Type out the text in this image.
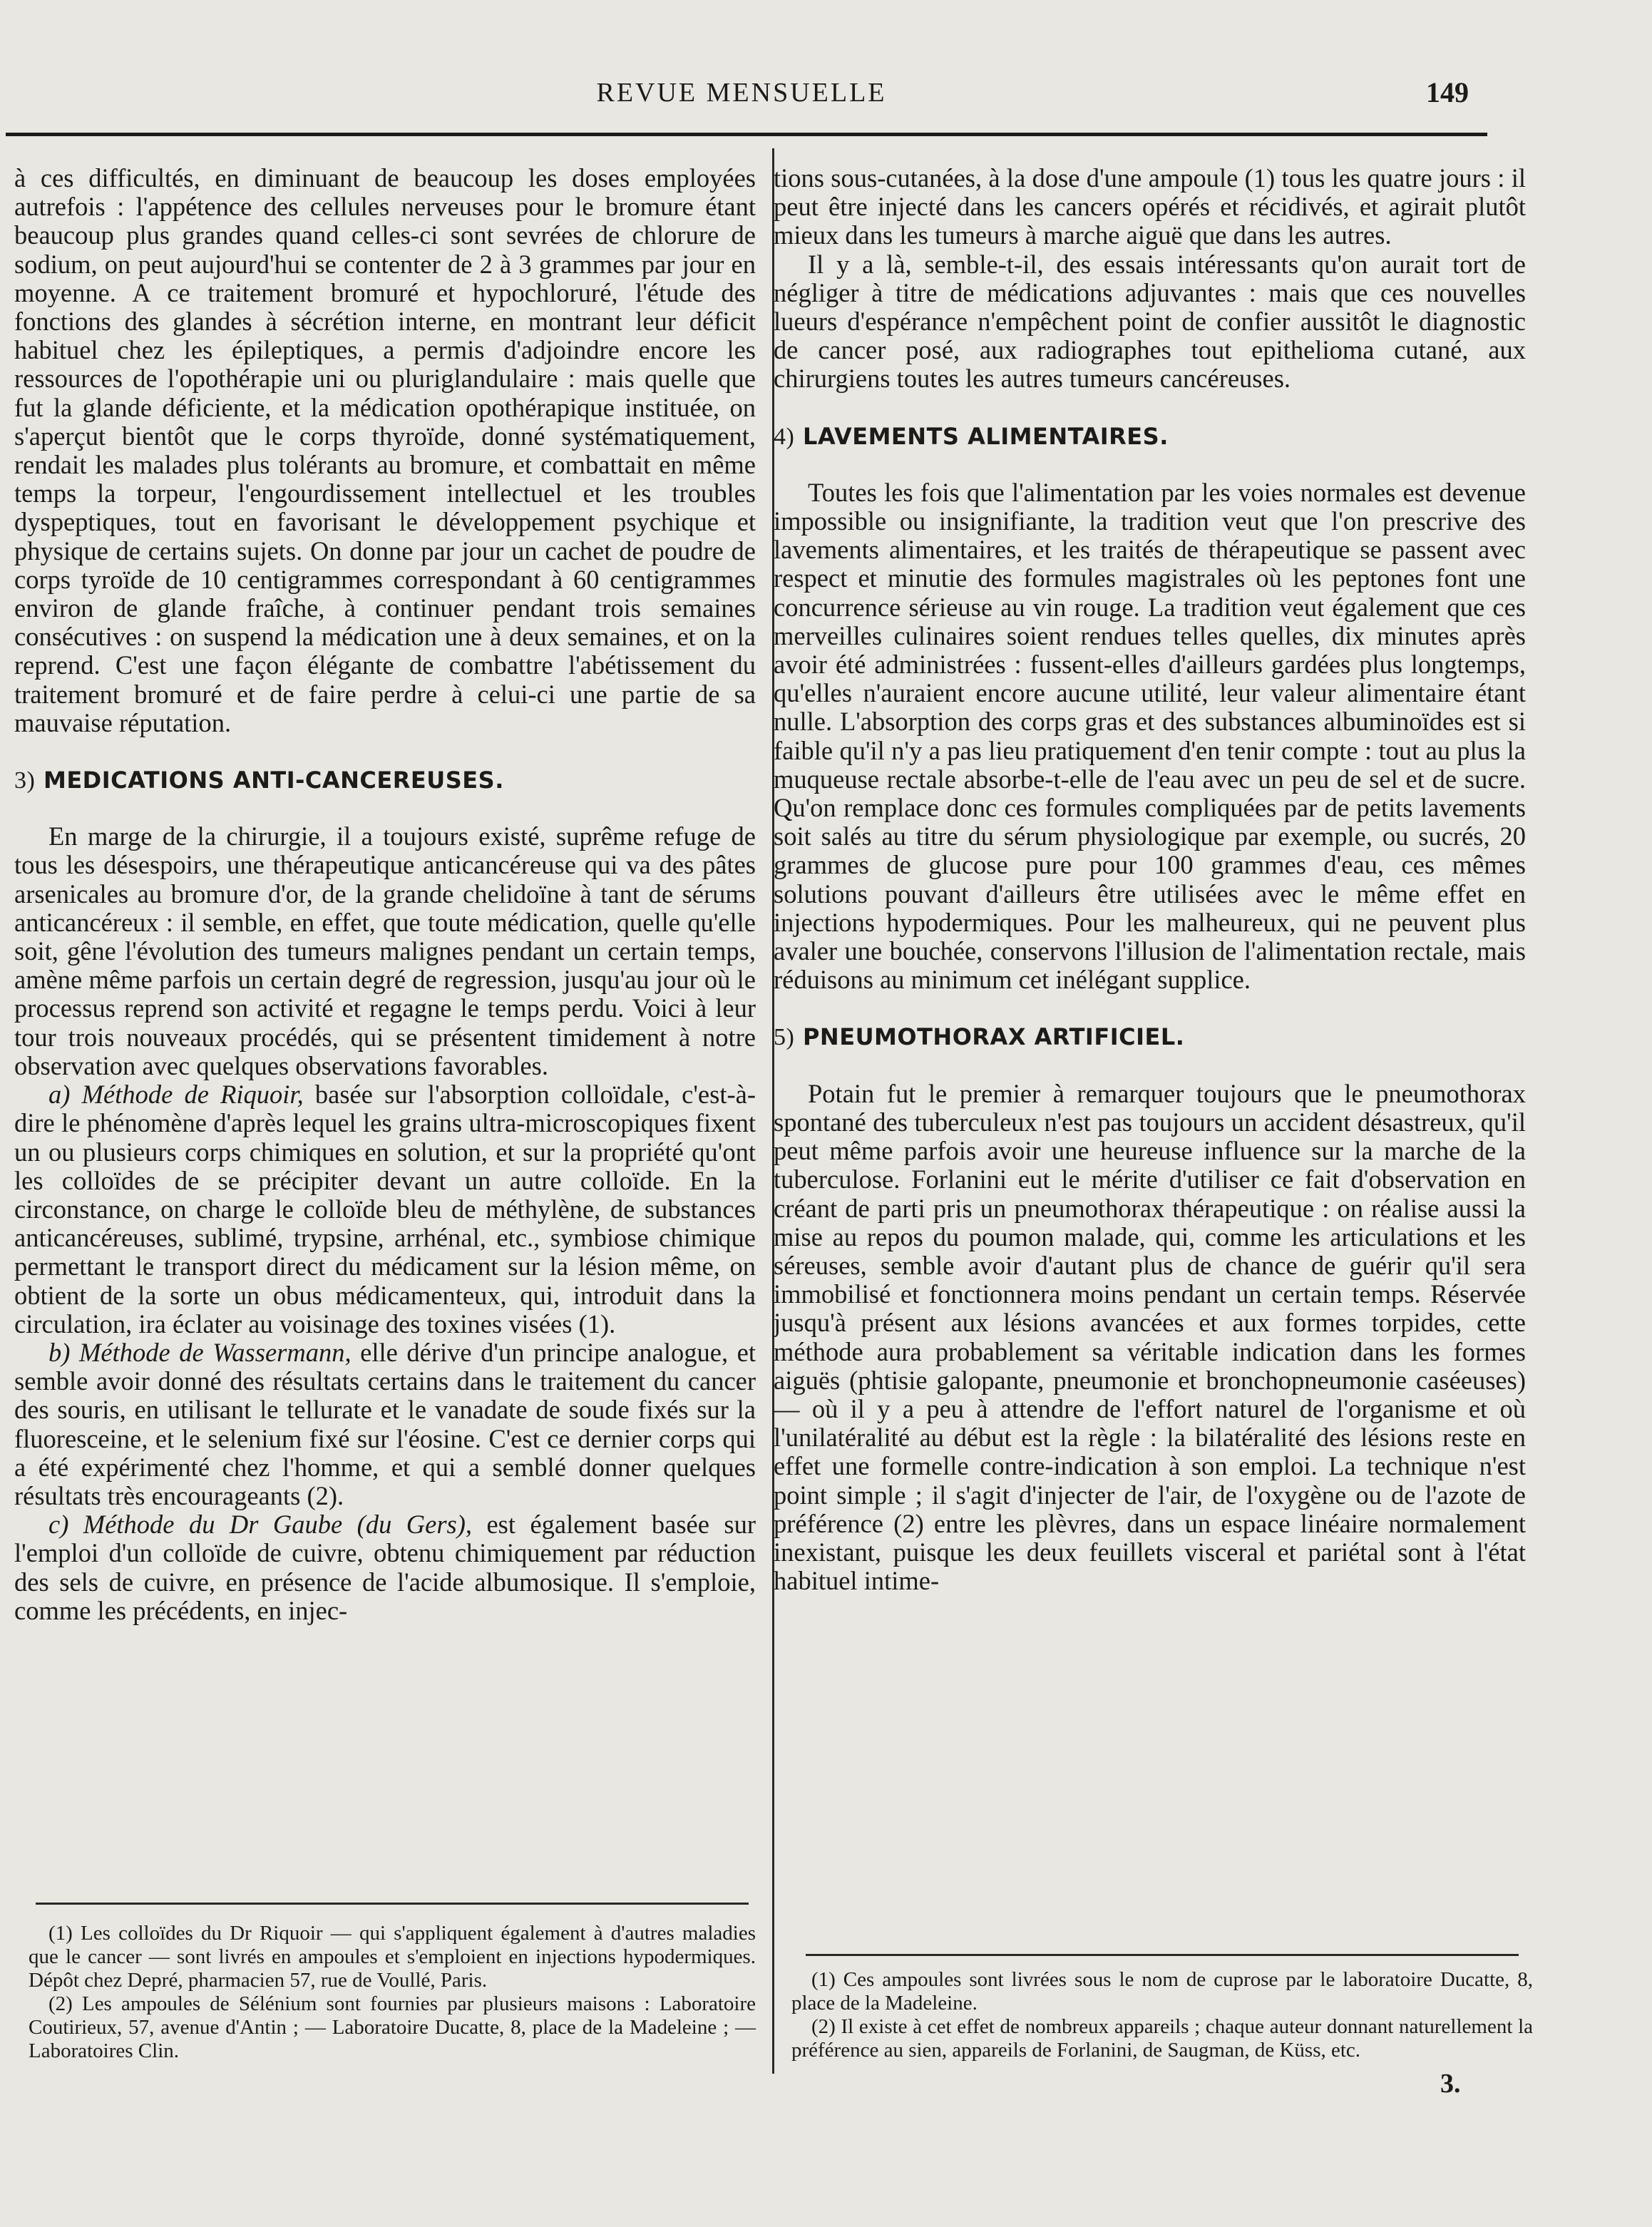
REVUE MENSUELLE	149

à ces difficultés, en diminuant de beaucoup les doses employées autrefois : l'appétence des cellules nerveuses pour le bromure étant beaucoup plus grandes quand celles-ci sont sevrées de chlorure de sodium, on peut aujourd'hui se contenter de 2 à 3 grammes par jour en moyenne. A ce traitement bromuré et hypochloruré, l'étude des fonctions des glandes à sécrétion interne, en montrant leur déficit habituel chez les épileptiques, a permis d'adjoindre encore les ressources de l'opothérapie uni ou pluriglandulaire : mais quelle que fut la glande déficiente, et la médication opothérapique instituée, on s'aperçut bientôt que le corps thyroïde, donné systématiquement, rendait les malades plus tolérants au bromure, et combattait en même temps la torpeur, l'engourdissement intellectuel et les troubles dyspeptiques, tout en favorisant le développement psychique et physique de certains sujets. On donne par jour un cachet de poudre de corps tyroïde de 10 centigrammes correspondant à 60 centigrammes environ de glande fraîche, à continuer pendant trois semaines consécutives : on suspend la médication une à deux semaines, et on la reprend. C'est une façon élégante de combattre l'abétissement du traitement bromuré et de faire perdre à celui-ci une partie de sa mauvaise réputation.

3) MEDICATIONS ANTI-CANCEREUSES.

En marge de la chirurgie, il a toujours existé, suprême refuge de tous les désespoirs, une thérapeutique anticancéreuse qui va des pâtes arsenicales au bromure d'or, de la grande chelidoïne à tant de sérums anticancéreux : il semble, en effet, que toute médication, quelle qu'elle soit, gêne l'évolution des tumeurs malignes pendant un certain temps, amène même parfois un certain degré de regression, jusqu'au jour où le processus reprend son activité et regagne le temps perdu. Voici à leur tour trois nouveaux procédés, qui se présentent timidement à notre observation avec quelques observations favorables.

a) Méthode de Riquoir, basée sur l'absorption colloïdale, c'est-à-dire le phénomène d'après lequel les grains ultra-microscopiques fixent un ou plusieurs corps chimiques en solution, et sur la propriété qu'ont les colloïdes de se précipiter devant un autre colloïde. En la circonstance, on charge le colloïde bleu de méthylène, de substances anticancéreuses, sublimé, trypsine, arrhénal, etc., symbiose chimique permettant le transport direct du médicament sur la lésion même, on obtient de la sorte un obus médicamenteux, qui, introduit dans la circulation, ira éclater au voisinage des toxines visées (1).

b) Méthode de Wassermann, elle dérive d'un principe analogue, et semble avoir donné des résultats certains dans le traitement du cancer des souris, en utilisant le tellurate et le vanadate de soude fixés sur la fluoresceine, et le selenium fixé sur l'éosine. C'est ce dernier corps qui a été expérimenté chez l'homme, et qui a semblé donner quelques résultats très encourageants (2).

c) Méthode du Dr Gaube (du Gers), est également basée sur l'emploi d'un colloïde de cuivre, obtenu chimiquement par réduction des sels de cuivre, en présence de l'acide albumosique. Il s'emploie, comme les précédents, en injec-

tions sous-cutanées, à la dose d'une ampoule (1) tous les quatre jours : il peut être injecté dans les cancers opérés et récidivés, et agirait plutôt mieux dans les tumeurs à marche aiguë que dans les autres.

Il y a là, semble-t-il, des essais intéressants qu'on aurait tort de négliger à titre de médications adjuvantes : mais que ces nouvelles lueurs d'espérance n'empêchent point de confier aussitôt le diagnostic de cancer posé, aux radiographes tout epithelioma cutané, aux chirurgiens toutes les autres tumeurs cancéreuses.

4) LAVEMENTS ALIMENTAIRES.

Toutes les fois que l'alimentation par les voies normales est devenue impossible ou insignifiante, la tradition veut que l'on prescrive des lavements alimentaires, et les traités de thérapeutique se passent avec respect et minutie des formules magistrales où les peptones font une concurrence sérieuse au vin rouge. La tradition veut également que ces merveilles culinaires soient rendues telles quelles, dix minutes après avoir été administrées : fussent-elles d'ailleurs gardées plus longtemps, qu'elles n'auraient encore aucune utilité, leur valeur alimentaire étant nulle. L'absorption des corps gras et des substances albuminoïdes est si faible qu'il n'y a pas lieu pratiquement d'en tenir compte : tout au plus la muqueuse rectale absorbe-t-elle de l'eau avec un peu de sel et de sucre. Qu'on remplace donc ces formules compliquées par de petits lavements soit salés au titre du sérum physiologique par exemple, ou sucrés, 20 grammes de glucose pure pour 100 grammes d'eau, ces mêmes solutions pouvant d'ailleurs être utilisées avec le même effet en injections hypodermiques. Pour les malheureux, qui ne peuvent plus avaler une bouchée, conservons l'illusion de l'alimentation rectale, mais réduisons au minimum cet inélégant supplice.

5) PNEUMOTHORAX ARTIFICIEL.

Potain fut le premier à remarquer toujours que le pneumothorax spontané des tuberculeux n'est pas toujours un accident désastreux, qu'il peut même parfois avoir une heureuse influence sur la marche de la tuberculose. Forlanini eut le mérite d'utiliser ce fait d'observation en créant de parti pris un pneumothorax thérapeutique : on réalise aussi la mise au repos du poumon malade, qui, comme les articulations et les séreuses, semble avoir d'autant plus de chance de guérir qu'il sera immobilisé et fonctionnera moins pendant un certain temps. Réservée jusqu'à présent aux lésions avancées et aux formes torpides, cette méthode aura probablement sa véritable indication dans les formes aiguës (phtisie galopante, pneumonie et bronchopneumonie caséeuses) — où il y a peu à attendre de l'effort naturel de l'organisme et où l'unilatéralité au début est la règle : la bilatéralité des lésions reste en effet une formelle contre-indication à son emploi. La technique n'est point simple ; il s'agit d'injecter de l'air, de l'oxygène ou de l'azote de préférence (2) entre les plèvres, dans un espace linéaire normalement inexistant, puisque les deux feuillets visceral et pariétal sont à l'état habituel intime-

(1) Les colloïdes du Dr Riquoir — qui s'appliquent également à d'autres maladies que le cancer — sont livrés en ampoules et s'emploient en injections hypodermiques. Dépôt chez Depré, pharmacien 57, rue de Voullé, Paris.

(2) Les ampoules de Sélénium sont fournies par plusieurs maisons : Laboratoire Coutirieux, 57, avenue d'Antin ; — Laboratoire Ducatte, 8, place de la Madeleine ; — Laboratoires Clin.

(1) Ces ampoules sont livrées sous le nom de cuprose par le laboratoire Ducatte, 8, place de la Madeleine.

(2) Il existe à cet effet de nombreux appareils ; chaque auteur donnant naturellement la préférence au sien, appareils de Forlanini, de Saugman, de Küss, etc.

3.
